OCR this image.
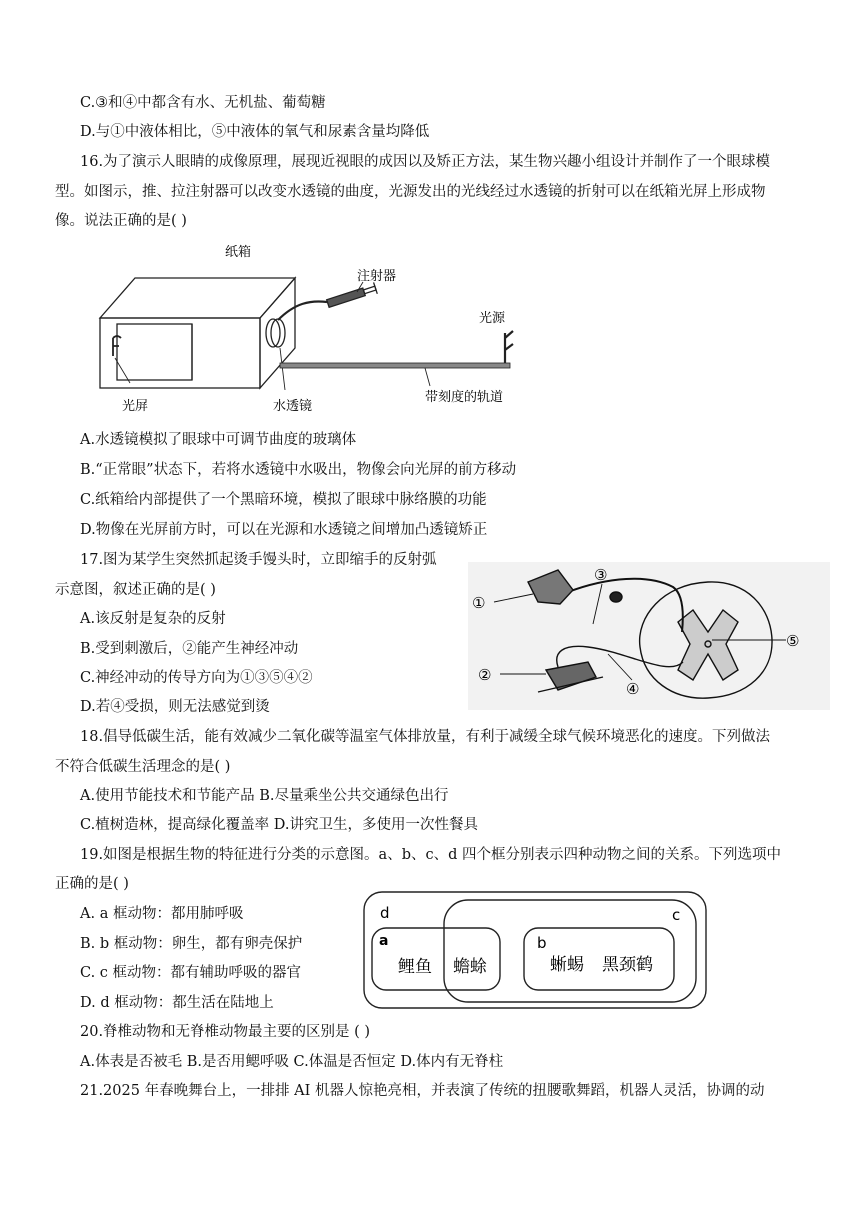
C.③和④中都含有水、无机盐、葡萄糖
D.与①中液体相比，⑤中液体的氧气和尿素含量均降低
16.为了演示人眼睛的成像原理，展现近视眼的成因以及矫正方法，某生物兴趣小组设计并制作了一个眼球模
型。如图示，推、拉注射器可以改变水透镜的曲度，光源发出的光线经过水透镜的折射可以在纸箱光屏上形成物
像。说法正确的是( )
纸箱
注射器
光源
光屏	水透镜
带刻度的轨道
A.水透镜模拟了眼球中可调节曲度的玻璃体
B.“正常眼”状态下，若将水透镜中水吸出，物像会向光屏的前方移动
C.纸箱给内部提供了一个黑暗环境，模拟了眼球中脉络膜的功能
D.物像在光屏前方时，可以在光源和水透镜之间增加凸透镜矫正
17.图为某学生突然抓起烫手馒头时，立即缩手的反射弧
示意图，叙述正确的是( )
A.该反射是复杂的反射
B.受到刺激后，②能产生神经冲动
C.神经冲动的传导方向为①③⑤④②
D.若④受损，则无法感觉到烫
①
③
⑤
②
④
18.倡导低碳生活，能有效减少二氧化碳等温室气体排放量，有利于减缓全球气候环境恶化的速度。下列做法
不符合低碳生活理念的是( )
A.使用节能技术和节能产品 B.尽量乘坐公共交通绿色出行
C.植树造林，提高绿化覆盖率 D.讲究卫生，多使用一次性餐具
19.如图是根据生物的特征进行分类的示意图。a、b、c、d 四个框分别表示四种动物之间的关系。下列选项中
正确的是( )
A. a 框动物：都用肺呼吸
B. b 框动物：卵生，都有卵壳保护
C. c 框动物：都有辅助呼吸的器官
D. d 框动物：都生活在陆地上
d	c
a	b
鲤鱼 蟾蜍	蜥蜴 黑颈鹤
20.脊椎动物和无脊椎动物最主要的区别是 ( )
A.体表是否被毛 B.是否用鳃呼吸 C.体温是否恒定 D.体内有无脊柱
21.2025 年春晚舞台上，一排排 AI 机器人惊艳亮相，并表演了传统的扭腰歌舞蹈，机器人灵活，协调的动
